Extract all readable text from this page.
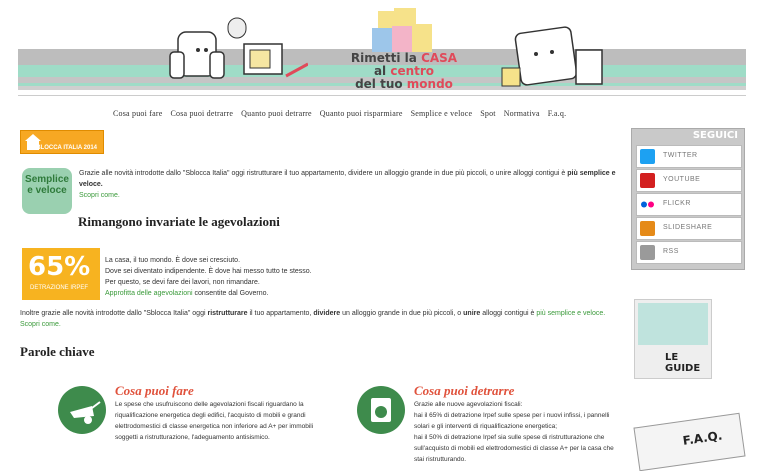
Rimetti la CASA
al centro
del tuo mondo
Cosa puoi fare Cosa puoi detrarre Quanto puoi detrarre Quanto puoi risparmiare Semplice e veloce Spot Normativa F.a.q.
SBLOCCA ITALIA 2014
Semplice
e veloce
Grazie alle novità introdotte dallo "Sblocca Italia" oggi ristrutturare il tuo appartamento, dividere un alloggio grande in due più piccoli, o unire alloggi contigui è più semplice e veloce.
Scopri come.
Rimangono invariate le agevolazioni
65%
DETRAZIONE IRPEF
La casa, il tuo mondo. È dove sei cresciuto.
Dove sei diventato indipendente. È dove hai messo tutto te stesso.
Per questo, se devi fare dei lavori, non rimandare.
Approfitta delle agevolazioni consentite dal Governo.
Inoltre grazie alle novità introdotte dallo "Sblocca Italia" oggi ristrutturare il tuo appartamento, dividere un alloggio grande in due più piccoli, o unire alloggi contigui è più semplice e veloce. Scopri come.
Parole chiave
Cosa puoi fare
Le spese che usufruiscono delle agevolazioni fiscali riguardano la riqualificazione energetica degli edifici, l'acquisto di mobili e grandi elettrodomestici di classe energetica non inferiore ad A+ per immobili soggetti a ristrutturazione, l'adeguamento antisismico.
Cosa puoi detrarre
Grazie alle nuove agevolazioni fiscali:
hai il 65% di detrazione Irpef sulle spese per i nuovi infissi, i pannelli solari e gli interventi di riqualificazione energetica;
hai il 50% di detrazione Irpef sia sulle spese di ristrutturazione che sull'acquisto di mobili ed elettrodomestici di classe A+ per la casa che stai ristrutturando.
SEGUICI
TWITTER
YOUTUBE
FLICKR
SLIDESHARE
RSS
LE GUIDE
F.A.Q.
